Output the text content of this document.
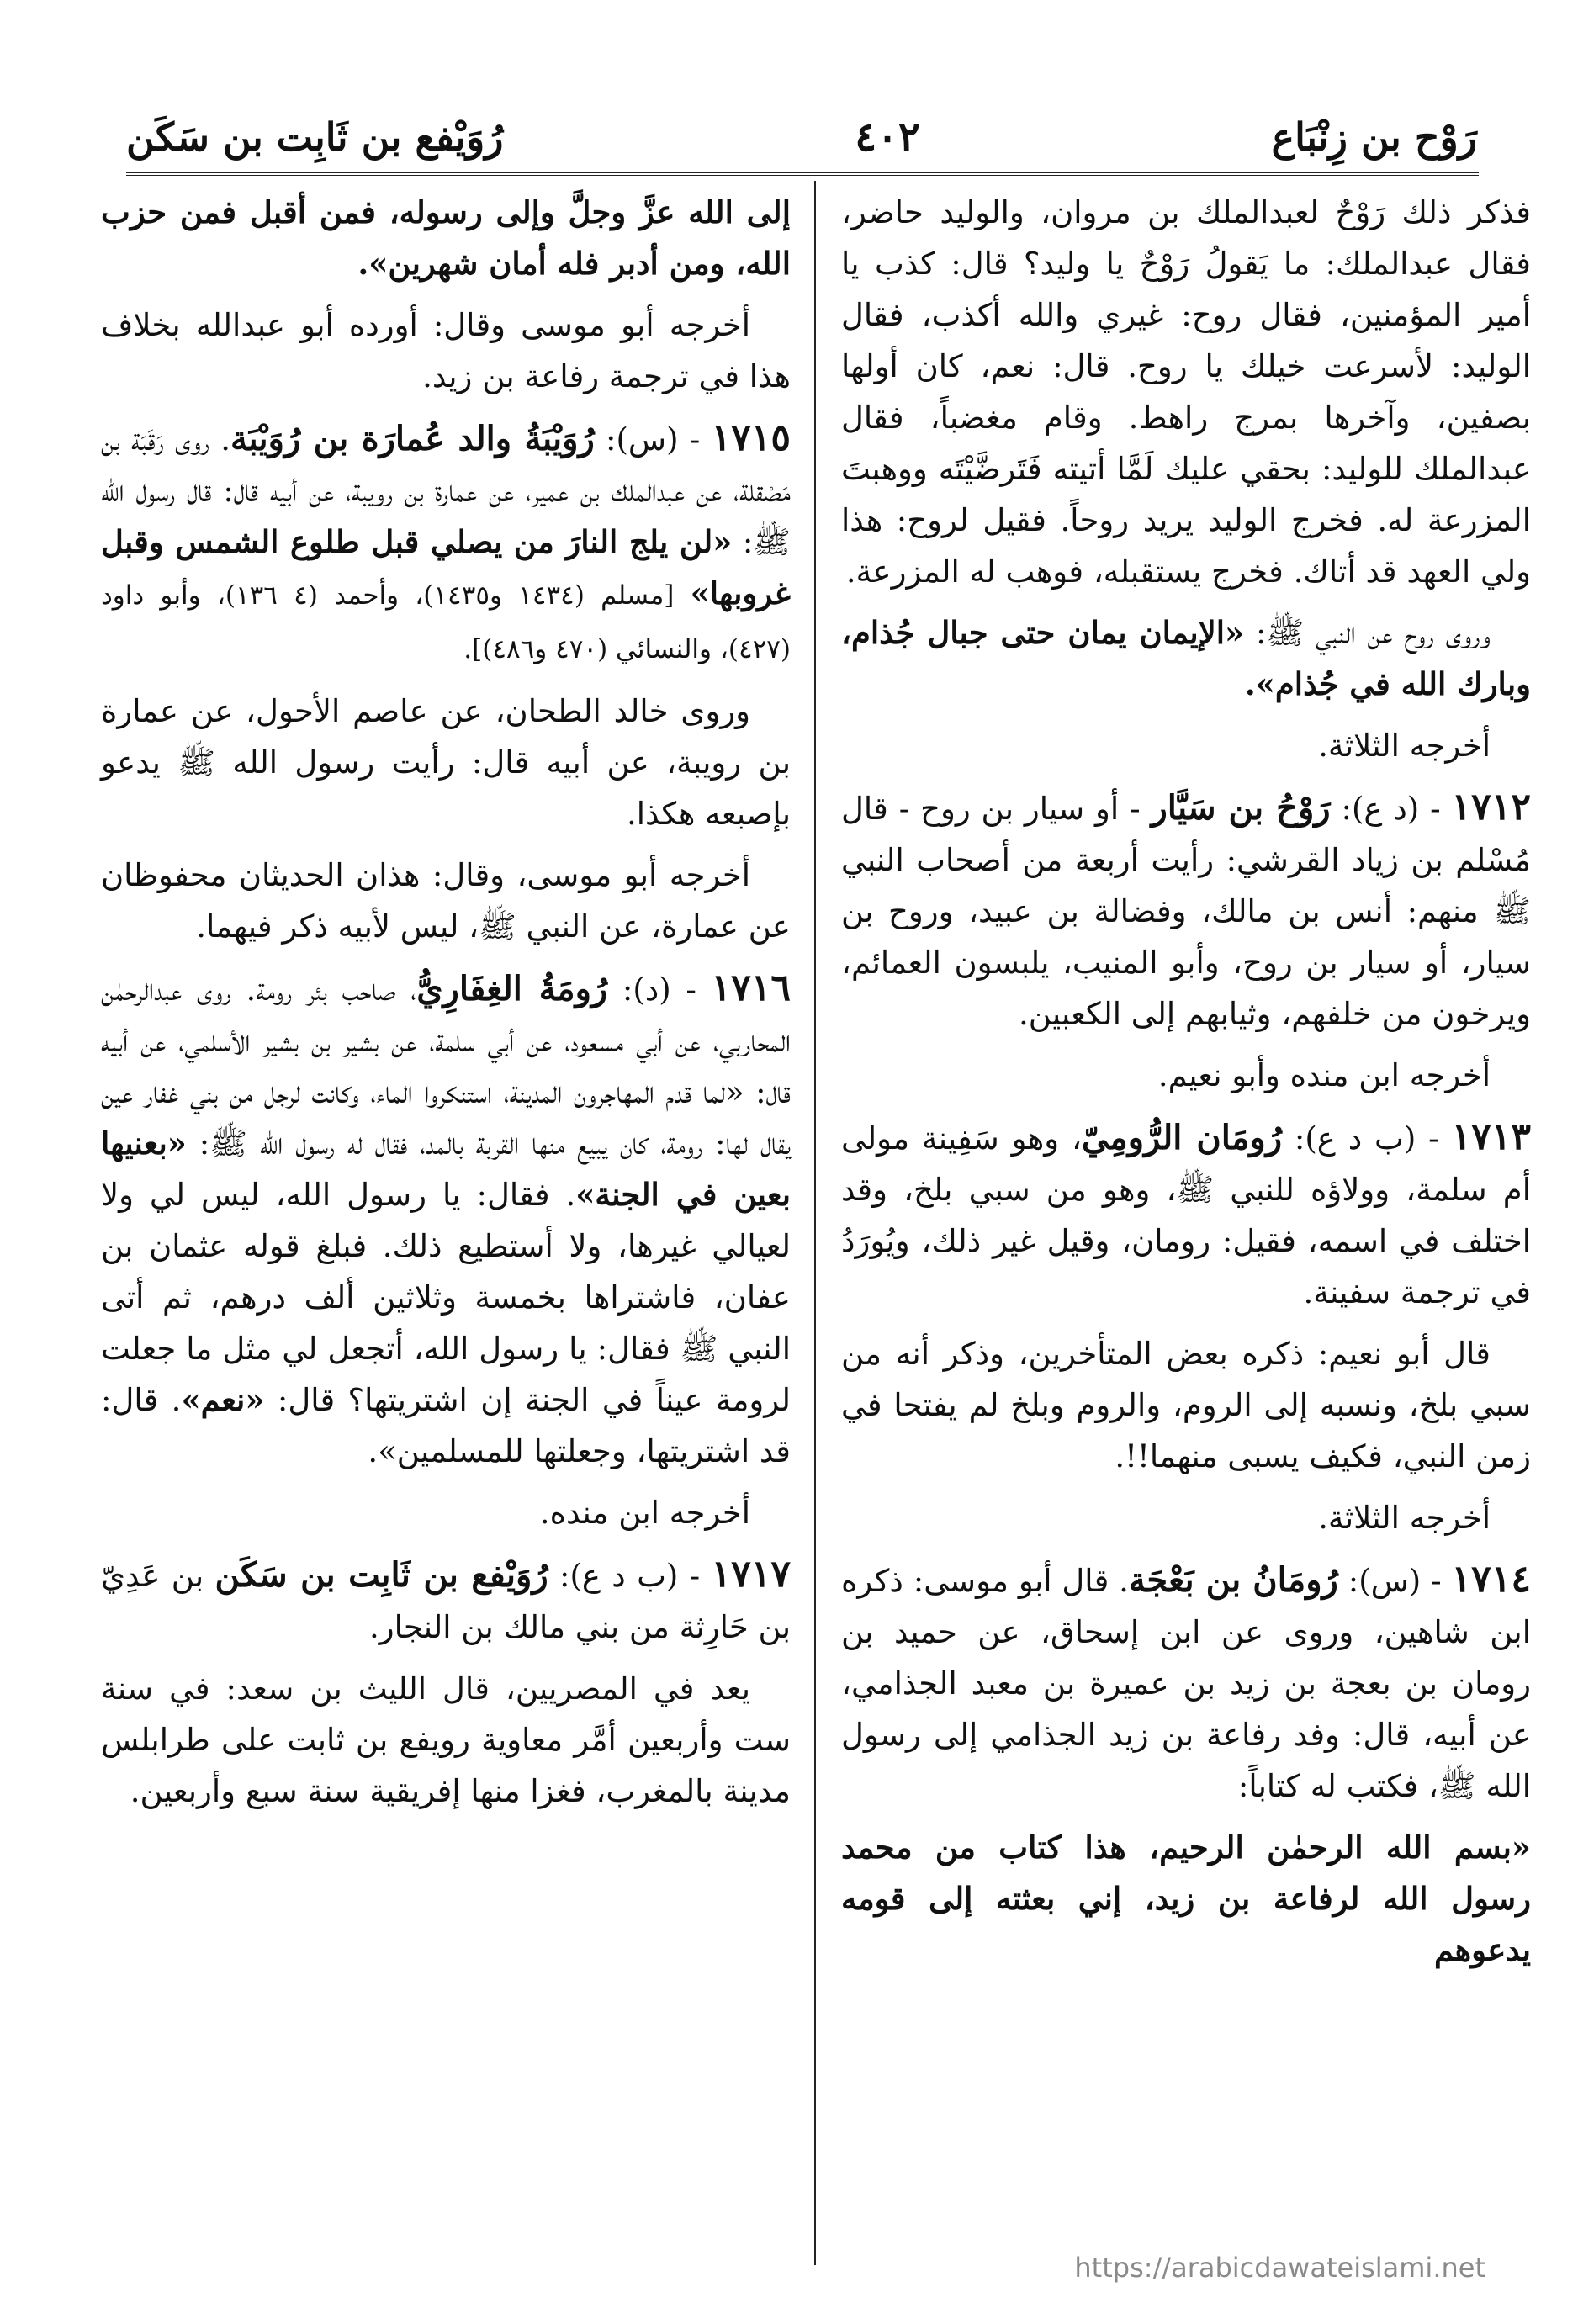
رَوْح بن زِنْبَاع
٤٠٢
رُوَيْفع بن ثَابِت بن سَكَن

فذكر ذلك رَوْحٌ لعبدالملك بن مروان، والوليد حاضر، فقال عبدالملك: ما يَقولُ رَوْحٌ يا وليد؟ قال: كذب يا أمير المؤمنين، فقال روح: غيري والله أكذب، فقال الوليد: لأسرعت خيلك يا روح. قال: نعم، كان أولها بصفين، وآخرها بمرج راهط. وقام مغضباً، فقال عبدالملك للوليد: بحقي عليك لَمَّا أتيته فَتَرضَّيْتَه ووهبتَ المزرعة له. فخرج الوليد يريد روحاً. فقيل لروح: هذا ولي العهد قد أتاك. فخرج يستقبله، فوهب له المزرعة.

وروى روح عن النبي ﷺ: «الإيمان يمان حتى جبال جُذام، وبارك الله في جُذام».

أخرجه الثلاثة.

١٧١٢ - (د ع): رَوْحُ بن سَيَّار - أو سيار بن روح - قال مُسْلم بن زياد القرشي: رأيت أربعة من أصحاب النبي ﷺ منهم: أنس بن مالك، وفضالة بن عبيد، وروح بن سيار، أو سيار بن روح، وأبو المنيب، يلبسون العمائم، ويرخون من خلفهم، وثيابهم إلى الكعبين.

أخرجه ابن منده وأبو نعيم.

١٧١٣ - (ب د ع): رُومَان الرُّومِيّ، وهو سَفِينة مولى أم سلمة، وولاؤه للنبي ﷺ، وهو من سبي بلخ، وقد اختلف في اسمه، فقيل: رومان، وقيل غير ذلك، ويُورَدُ في ترجمة سفينة.

قال أبو نعيم: ذكره بعض المتأخرين، وذكر أنه من سبي بلخ، ونسبه إلى الروم، والروم وبلخ لم يفتحا في زمن النبي، فكيف يسبى منهما!!.

أخرجه الثلاثة.

١٧١٤ - (س): رُومَانُ بن بَعْجَة. قال أبو موسى: ذكره ابن شاهين، وروى عن ابن إسحاق، عن حميد بن رومان بن بعجة بن زيد بن عميرة بن معبد الجذامي، عن أبيه، قال: وفد رفاعة بن زيد الجذامي إلى رسول الله ﷺ، فكتب له كتاباً:

«بسم الله الرحمٰن الرحيم، هذا كتاب من محمد رسول الله لرفاعة بن زيد، إني بعثته إلى قومه يدعوهم

إلى الله عزَّ وجلَّ وإلى رسوله، فمن أقبل فمن حزب الله، ومن أدبر فله أمان شهرين».

أخرجه أبو موسى وقال: أورده أبو عبدالله بخلاف هذا في ترجمة رفاعة بن زيد.

١٧١٥ - (س): رُوَيْبَةُ والد عُمارَة بن رُوَيْبَة. روى رَقَبَة بن مَصْقلة، عن عبدالملك بن عمير، عن عمارة بن رويبة، عن أبيه قال: قال رسول الله ﷺ: «لن يلج النارَ من يصلي قبل طلوع الشمس وقبل غروبها» [مسلم (١٤٣٤ و١٤٣٥)، وأحمد (٤ ١٣٦)، وأبو داود (٤٢٧)، والنسائي (٤٧٠ و٤٨٦)].

وروى خالد الطحان، عن عاصم الأحول، عن عمارة بن رويبة، عن أبيه قال: رأيت رسول الله ﷺ يدعو بإصبعه هكذا.

أخرجه أبو موسى، وقال: هذان الحديثان محفوظان عن عمارة، عن النبي ﷺ، ليس لأبيه ذكر فيهما.

١٧١٦ - (د): رُومَةُ الغِفَارِيُّ، صاحب بئر رومة. روى عبدالرحمٰن المحاربي، عن أبي مسعود، عن أبي سلمة، عن بشير بن بشير الأسلمي، عن أبيه قال: «لما قدم المهاجرون المدينة، استنكروا الماء، وكانت لرجل من بني غفار عين يقال لها: رومة، كان يبيع منها القربة بالمد، فقال له رسول الله ﷺ: «بعنيها بعين في الجنة». فقال: يا رسول الله، ليس لي ولا لعيالي غيرها، ولا أستطيع ذلك. فبلغ قوله عثمان بن عفان، فاشتراها بخمسة وثلاثين ألف درهم، ثم أتى النبي ﷺ فقال: يا رسول الله، أتجعل لي مثل ما جعلت لرومة عيناً في الجنة إن اشتريتها؟ قال: «نعم». قال: قد اشتريتها، وجعلتها للمسلمين».

أخرجه ابن منده.

١٧١٧ - (ب د ع): رُوَيْفع بن ثَابِت بن سَكَن بن عَدِيّ بن حَارِثة من بني مالك بن النجار.

يعد في المصريين، قال الليث بن سعد: في سنة ست وأربعين أمَّر معاوية رويفع بن ثابت على طرابلس مدينة بالمغرب، فغزا منها إفريقية سنة سبع وأربعين.

https://arabicdawateislami.net
